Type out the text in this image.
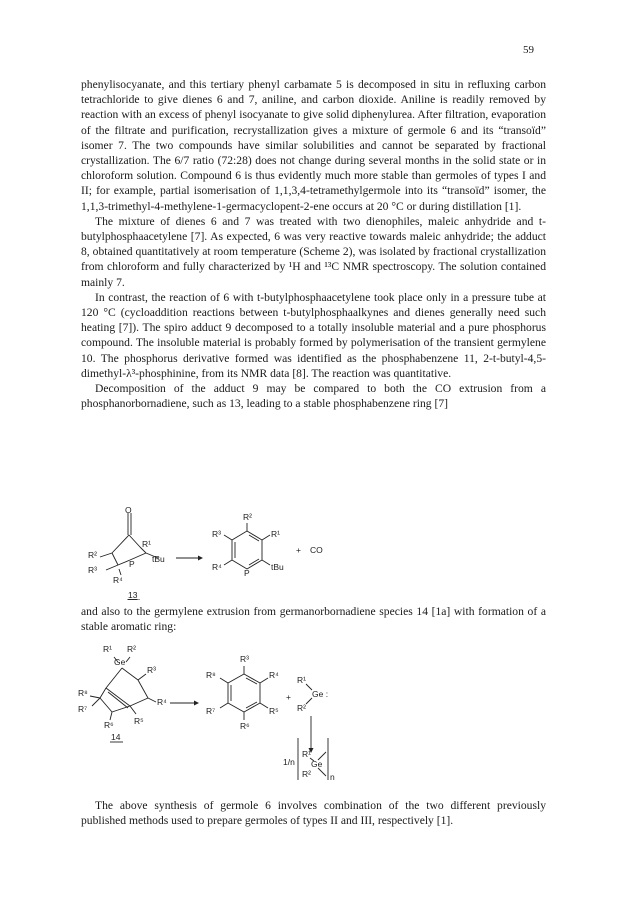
59

phenylisocyanate, and this tertiary phenyl carbamate 5 is decomposed in situ in refluxing carbon tetrachloride to give dienes 6 and 7, aniline, and carbon dioxide. Aniline is readily removed by reaction with an excess of phenyl isocyanate to give solid diphenylurea. After filtration, evaporation of the filtrate and purification, recrystallization gives a mixture of germole 6 and its “transoïd” isomer 7. The two compounds have similar solubilities and cannot be separated by fractional crystallization. The 6/7 ratio (72:28) does not change during several months in the solid state or in chloroform solution. Compound 6 is thus evidently much more stable than germoles of types I and II; for example, partial isomerisation of 1,1,3,4-tetramethylgermole into its “transoïd” isomer, the 1,1,3-trimethyl-4-methylene-1-germacyclopent-2-ene occurs at 20 °C or during distillation [1].

The mixture of dienes 6 and 7 was treated with two dienophiles, maleic anhydride and t-butylphosphaacetylene [7]. As expected, 6 was very reactive towards maleic anhydride; the adduct 8, obtained quantitatively at room temperature (Scheme 2), was isolated by fractional crystallization from chloroform and fully characterized by ¹H and ¹³C NMR spectroscopy. The solution contained mainly 7.

In contrast, the reaction of 6 with t-butylphosphaacetylene took place only in a pressure tube at 120 °C (cycloaddition reactions between t-butylphosphaalkynes and dienes generally need such heating [7]). The spiro adduct 9 decomposed to a totally insoluble material and a pure phosphorus compound. The insoluble material is probably formed by polymerisation of the transient germylene 10. The phosphorus derivative formed was identified as the phosphabenzene 11, 2-t-butyl-4,5-dimethyl-λ³-phosphinine, from its NMR data [8]. The reaction was quantitative.

Decomposition of the adduct 9 may be compared to both the CO extrusion from a phosphanorbornadiene, such as 13, leading to a stable phosphabenzene ring [7]

O
R¹
R²
R³
R⁴
P tBu
R²
R³	R¹
R⁴
P
tBu
+ CO
13

and also to the germylene extrusion from germanorbornadiene species 14 [1a] with formation of a stable aromatic ring:

R¹ R²
Ge
R³
R⁸
R⁴
R⁷
R⁶ R⁵
R³
R⁸	R⁴
R⁷	R⁵
R⁶
+
R¹
Ge :
R²
1/n
R¹
Ge
R² n
14

The above synthesis of germole 6 involves combination of the two different previously published methods used to prepare germoles of types II and III, respectively [1].
